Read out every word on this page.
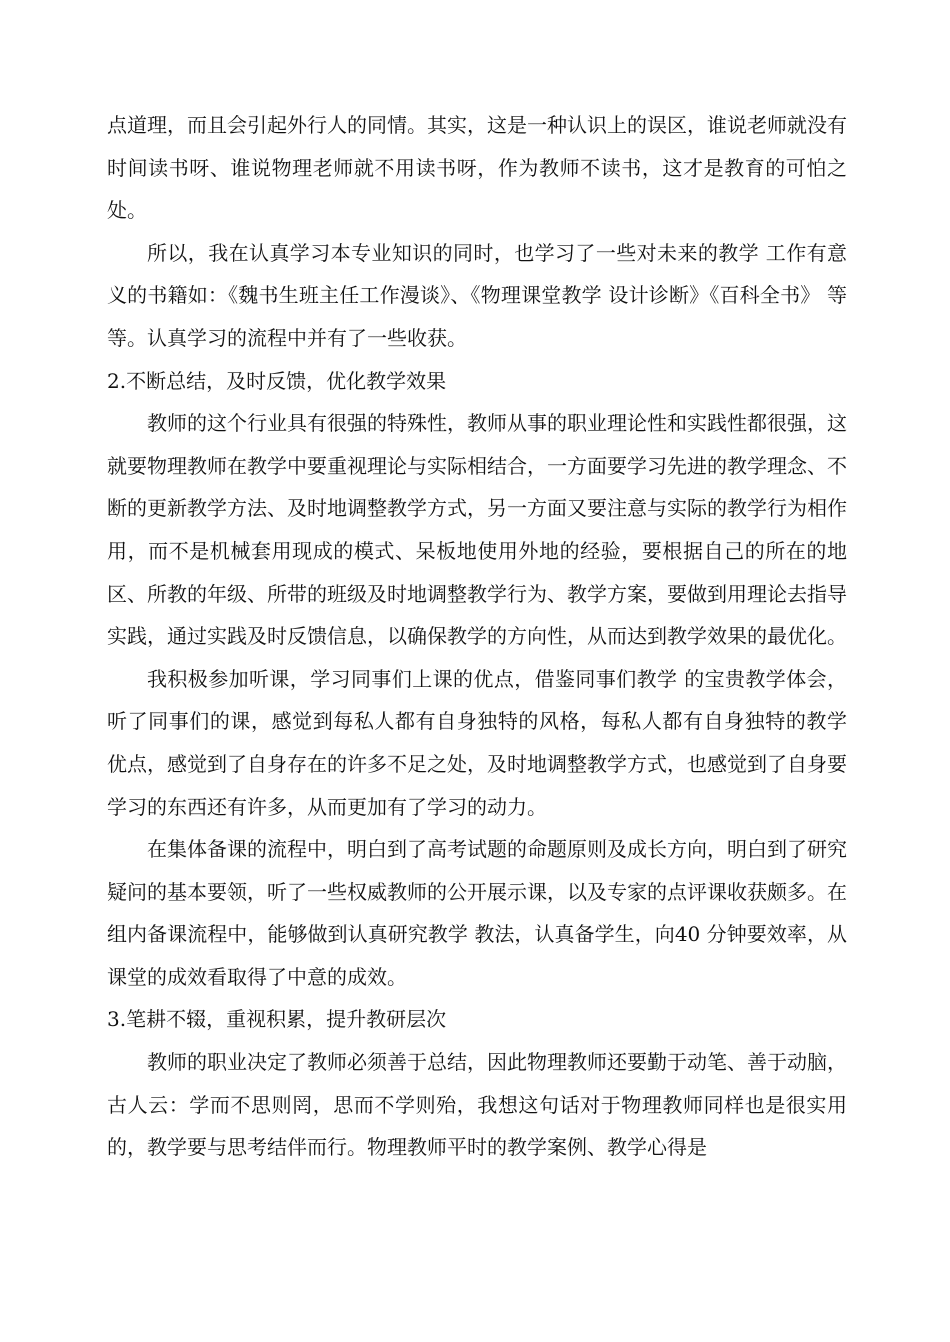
点道理，而且会引起外行人的同情。其实，这是一种认识上的误区，谁说老师就没有时间读书呀、谁说物理老师就不用读书呀，作为教师不读书，这才是教育的可怕之处。

所以，我在认真学习本专业知识的同时，也学习了一些对未来的教学 工作有意义的书籍如：《魏书生班主任工作漫谈》、《物理课堂教学 设计诊断》《百科全书》 等等。认真学习的流程中并有了一些收获。

2.不断总结，及时反馈，优化教学效果

教师的这个行业具有很强的特殊性，教师从事的职业理论性和实践性都很强，这就要物理教师在教学中要重视理论与实际相结合，一方面要学习先进的教学理念、不断的更新教学方法、及时地调整教学方式，另一方面又要注意与实际的教学行为相作用，而不是机械套用现成的模式、呆板地使用外地的经验，要根据自己的所在的地区、所教的年级、所带的班级及时地调整教学行为、教学方案，要做到用理论去指导实践，通过实践及时反馈信息，以确保教学的方向性，从而达到教学效果的最优化。

我积极参加听课，学习同事们上课的优点，借鉴同事们教学 的宝贵教学体会，听了同事们的课，感觉到每私人都有自身独特的风格，每私人都有自身独特的教学 优点，感觉到了自身存在的许多不足之处，及时地调整教学方式，也感觉到了自身要学习的东西还有许多，从而更加有了学习的动力。

在集体备课的流程中，明白到了高考试题的命题原则及成长方向，明白到了研究疑问的基本要领，听了一些权威教师的公开展示课，以及专家的点评课收获颇多。在组内备课流程中，能够做到认真研究教学 教法，认真备学生，向40 分钟要效率，从课堂的成效看取得了中意的成效。

3.笔耕不辍，重视积累，提升教研层次

教师的职业决定了教师必须善于总结，因此物理教师还要勤于动笔、善于动脑，古人云：学而不思则罔，思而不学则殆，我想这句话对于物理教师同样也是很实用的，教学要与思考结伴而行。物理教师平时的教学案例、教学心得是
